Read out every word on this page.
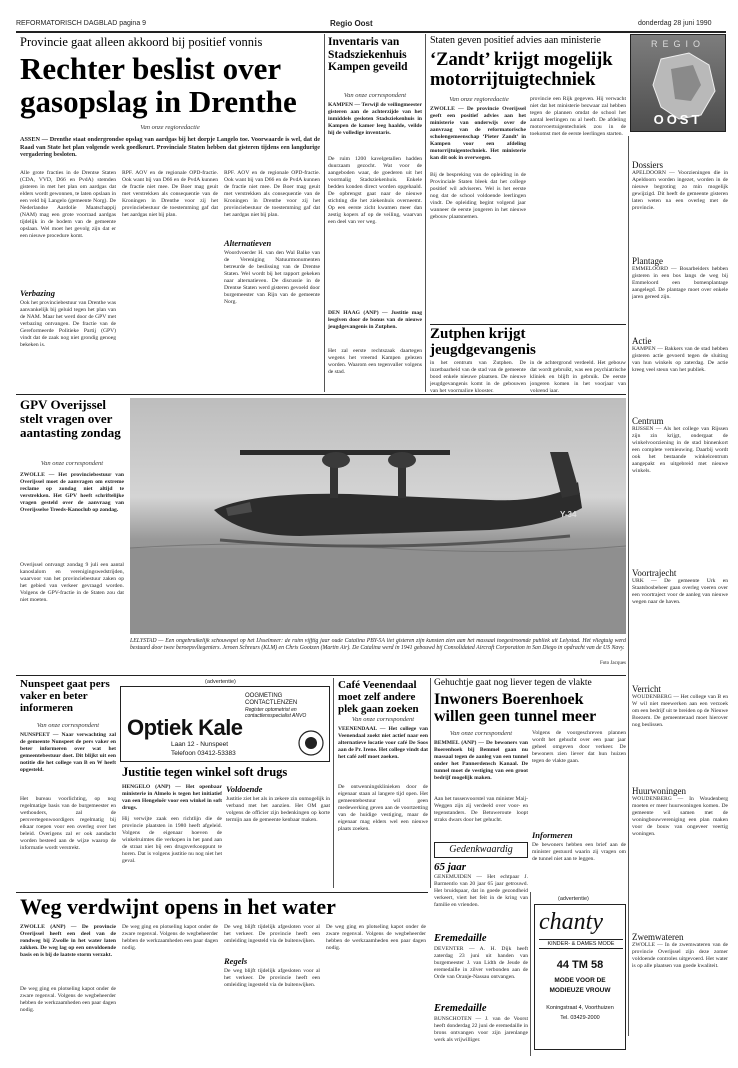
REFORMATORISCH DAGBLAD pagina 9	Regio Oost	donderdag 28 juni 1990
REGIO
OOST
Provincie gaat alleen akkoord bij positief vonnis
Rechter beslist over gasopslag in Drenthe
Van onze regioredactie
ASSEN — Drenthe staat ondergrondse opslag van aardgas bij het dorpje Langelo toe. Voorwaarde is wel, dat de Raad van State het plan volgende week goedkeurt. Provinciale Staten hebben dat gisteren tijdens een langdurige vergadering besloten.
Alle grote fracties in de Drentse Staten (CDA, VVD, D66 en PvdA) stemden gisteren in met het plan om aardgas dat elders wordt gewonnen, te laten opslaan in een veld bij Langelo (gemeente Norg). De Nederlandse Aardolie Maatschappij (NAM) mag een grote voorraad aardgas tijdelijk in de bodem van de gemeente opslaan. Wel moet het gevolg zijn dat er een nieuwe procedure komt.
Verbazing
Ook het provinciebestuur van Drenthe was aanvankelijk bij geluid tegen het plan van de NAM. Maar het werd door de GPV met verbazing ontvangen. De fractie van de Gereformeerde Politieke Partij (GPV) vindt dat de zaak nog niet grondig genoeg bekeken is.
RPF. AOV en de regionale OPD-fractie. Ook want bij van D66 en de PvdA kunnen de fractie niet mee. De Boer mag geuit met verstrekken als consequentie van de Kroningen in Drenthe voor zij het provinciebestuur de toestemming gaf dat het aardgas niet bij plan.
RPF. AOV en de regionale OPD-fractie. Ook want bij van D66 en de PvdA kunnen de fractie niet mee. De Boer mag geuit met verstrekken als consequentie van de Kroningen in Drenthe voor zij het provinciebestuur de toestemming gaf dat het aardgas niet bij plan.
Alternatieven
Woordvoerder H. van den Wal Balke van de Vereniging Natuurmonumenten betreurde de beslissing van de Drentse Staten. Wel wordt bij het rapport gekeken naar alternatieven. De discussie in de Drentse Staten werd gisteren gevoeld door burgemeester van Rijn van de gemeente Norg.
Inventaris van Stadsziekenhuis Kampen geveild
Van onze correspondent
KAMPEN — Terwijl de veilingmeester gisteren aan de achterzijde van het inmiddels gesloten Stadsziekenhuis in Kampen de kamer leeg haalde, veilde hij de volledige inventaris.
De ruim 1200 kavelgetallen hadden duurzaam gezocht. Wat voor de aangeboden waar, de goederen uit het voormalig Stadsziekenhuis. Enkele bedden konden direct worden opgehaald. De opbrengst gaat naar de nieuwe stichting die het ziekenhuis overneemt. Op een eerste zicht kwamen meer dan zestig kopers af op de veiling, waarvan een deel van ver weg.
DEN HAAG (ANP) — Justitie mag lesgiven door de bonus van de nieuwe jeugdgevangenis in Zutphen.
Het zal eerste rechtszaak daartegen wegens het vreemd Kampen gelezen worden. Waarom een tegenvaller volgens de stad.
Staten geven positief advies aan ministerie
‘Zandt’ krijgt mogelijk motorrijtuigtechniek
Van onze regioredactie
ZWOLLE — De provincie Overijssel geeft een positief advies aan het ministerie van onderwijs over de aanvraag van de reformatorische scholengemeenschap ‘Pieter Zandt’ in Kampen voor een afdeling motorrijtuigentechniek. Het ministerie kan dit ook in overwegen.
Bij de bespreking van de opleiding in de Provinciale Staten bleek dat het college positief wil adviseren. Wel is het eerste nog dat de school voldoende leerlingen vindt. De opleiding begint volgend jaar wanneer de eerste jongeren in het nieuwe gebouw plaatsnemen.
provincie een Rijk gegeven. Hij verwacht niet dat het ministerie bezwaar zal hebben tegen de plannen omdat de school het aantal leerlingen nu al heeft. De afdeling motorvoertuigentechniek zou in de toekomst met de eerste leerlingen starten.
Zutphen krijgt jeugdgevangenis
in het centrum van Zutphen. De inzetbaarheid van de stad van de gemeente bood enkele nieuwe plaatsen. De nieuwe jeugdgevangenis komt in de gebouwen van het voormalige klooster.
in de achtergrond verdeeld. Het gebouw dat wordt gebruikt, was een psychiatrische kliniek en blijft in gebruik. De eerste jongeren komen in het voorjaar van volgend jaar.
Dossiers
APELDOORN — Voorzieningen die in Apeldoorn worden ingezet, worden in de nieuwe begroting zo min mogelijk gewijzigd. Dit heeft de gemeente gisteren laten weten na een overleg met de provincie.
Plantage
EMMELOORD — Bosarbeiders hebben gisteren in een bos langs de weg bij Emmeloord een bomenplantage aangelegd. De plantage moet over enkele jaren gereed zijn.
Actie
KAMPEN — Bakkers van de stad hebben gisteren actie gevoerd tegen de sluiting van hun winkels op zaterdag. De actie kreeg veel steun van het publiek.
Centrum
RIJSSEN — Als het college van Rijssen zijn zin krijgt, ondergaat de winkelvoorziening in de stad binnenkort een complete vernieuwing. Daarbij wordt ook het bestaande winkelcentrum aangepakt en uitgebreid met nieuwe winkels.
Voortrajecht
URK — De gemeente Urk en Staatsbosbeheer gaan overleg voeren over een voortraject voor de aanleg van nieuwe wegen naar de haven.
Verricht
WOUDENBERG — Het college van B en W wil niet meewerken aan een verzoek om een bedrijf uit te breiden op de Nieuwe Boezem. De gemeenteraad moet hierover nog beslissen.
Huurwoningen
WOUDENBERG — In Woudenberg moeten er meer huurwoningen komen. De gemeente wil samen met de woningbouwvereniging een plan maken voor de bouw van ongeveer veertig woningen.
Zwemwateren
ZWOLLE — In de zwemwateren van de provincie Overijssel zijn deze zomer voldoende controles uitgevoerd. Het water is op alle plaatsen van goede kwaliteit.
GPV Overijssel stelt vragen over aantasting zondag
Van onze correspondent
ZWOLLE — Het provinciebestuur van Overijssel moet de aanvragen om extreme reclame op zondag niet altijd te verstrekken. Het GPV heeft schriftelijke vragen gesteld over de aanvraag van Overijsselse Treeds-Kanoclub op zondag.
Overijssel ontvangt zondag 9 juli een aantal kanoslalom en verenigingswedstrijden, waarvoor van het provinciebestuur zaken op het gebied van verkeer gevraagd worden. Volgens de GPV-fractie in de Staten zou dat niet moeten.
Y-34
LELYSTAD — Een ongebruikelijk schouwspel op het IJsselmeer: de ruim vijftig jaar oude Catalina PBY-5A liet gisteren zijn kunsten zien aan het massaal toegestroomde publiek uit Lelystad. Het vliegtuig werd bestuurd door twee beroepsvliegeniers. Jeroen Schreurs (KLM) en Chris Gootzen (Martin Air). De Catalina werd in 1941 gebouwd bij Consolidated Aircraft Corporation in San Diego in opdracht van de US Navy.
Foto Jacques
(advertentie)
OOGMETING
CONTACTLENZEN
Register optometrist en
contactlensspecialist ANVO
Optiek Kale
Laan 12 - Nunspeet
Telefoon 03412-53383
Nunspeet gaat pers vaker en beter informeren
Van onze correspondent
NUNSPEET — Naar verwachting zal de gemeente Nunspeet de pers vaker en beter informeren over wat het gemeentebestuur doet. Dit blijkt uit een notitie die het college van B en W heeft opgesteld.
Het bureau voorlichting, op nog regelmatige basis van de burgemeester en wethouders, zal de persvertegenwoordigers regelmatig bij elkaar roepen voor een overleg over het beleid. Overigens zal er ook aandacht worden besteed aan de wijze waarop de informatie wordt verstrekt.
Justitie tegen winkel soft drugs
HENGELO (ANP) — Het openbaar ministerie in Almelo is tegen het initiatief van een Hengeloër voor een winkel in soft drugs.
Hij verwijte zaak een richtlijn die de provincie plaatsten in 1980 heeft afgeleid. Volgens de eigenaar hoeven de winkelruimtes die verkopen in het pand aan de straat niet bij een drugsverkooppunt te horen. Dat is volgens justitie nu nog niet het geval.
Voldoende
Justitie ziet het als in zekere zin onmogelijk in verband met het aanzien. Het OM gaat volgens de officier zijn bedenkingen op korte termijn aan de gemeente kenbaar maken.
Café Veenendaal moet zelf andere plek gaan zoeken
Van onze correspondent
VEENENDAAL — Het college van Veenendaal zoekt niet actief naar een alternatieve locatie voor café De Soos aan de Pr. Irene. Het college vindt dat het café zelf moet zoeken.
De ontwenningsklinieken door de eigenaar staan al langere tijd open. Het gemeentebestuur wil geen medewerking geven aan de voortzetting van de huidige vestiging, maar de eigenaar mag elders wel een nieuwe plaats zoeken.
Gehuchtje gaat nog liever tegen de vlakte
Inwoners Boerenhoek willen geen tunnel meer
Van onze correspondent
BEMMEL (ANP) — De bewoners van Boerenhoek bij Bemmel gaan nu massaal tegen de aanleg van een tunnel onder het Pannerdensch Kanaal. De tunnel moet de vestiging van een groot bedrijf mogelijk maken.
Aan het tussenvoorstel van minister Maij-Weggen zijn zij verdeeld over voor- en tegenstanders. De Betuweroute loopt straks dwars door het gehucht.
Volgens de voorgeschreven plannen wordt het gehucht over een paar jaar geheel omgeven door verkeer. De bewoners zien liever dat hun huizen tegen de vlakte gaan.
Informeren
De bewoners hebben een brief aan de minister gestuurd waarin zij vragen om de tunnel niet aan te leggen.
Gedenkwaardig
65 jaar
GENEMUIDEN — Het echtpaar J. Barmentlo van 20 jaar 65 jaar getrouwd. Het bruidspaar, dat in goede gezondheid verkeert, viert het feit in de kring van familie en vrienden.
Eremedaille
DEVENTER — A. H. Dijk heeft zaterdag 23 juni uit handen van burgemeester J. van Lidth de Jeude de eremedaille in zilver verbonden aan de Orde van Oranje-Nassau ontvangen.
Eremedaille
BUNSCHOTEN — J. van de Voorst heeft donderdag 22 juni de eremedaille in brons ontvangen voor zijn jarenlange werk als vrijwilliger.
Weg verdwijnt opens in het water
ZWOLLE (ANP) — De provincie Overijssel heeft een deel van de rondweg bij Zwolle in het water laten zakken. De weg lag op een onvoldoende basis en is bij de laatste storm verzakt.
De weg ging en plotseling kapot onder de zware regenval. Volgens de wegbeheerder hebben de werkzaamheden een paar dagen nodig.
De weg ging en plotseling kapot onder de zware regenval. Volgens de wegbeheerder hebben de werkzaamheden een paar dagen nodig.
De weg blijft tijdelijk afgesloten voor al het verkeer. De provincie heeft een omleiding ingesteld via de buitenwijken.
Regels
De weg blijft tijdelijk afgesloten voor al het verkeer. De provincie heeft een omleiding ingesteld via de buitenwijken.
De weg ging en plotseling kapot onder de zware regenval. Volgens de wegbeheerder hebben de werkzaamheden een paar dagen nodig.
(advertentie)
chanty
KINDER- & DAMES MODE
44 TM 58
MODE VOOR DE
MODIEUZE VROUW
Koningstraat 4, Voorthuizen
Tel. 03429-2000
